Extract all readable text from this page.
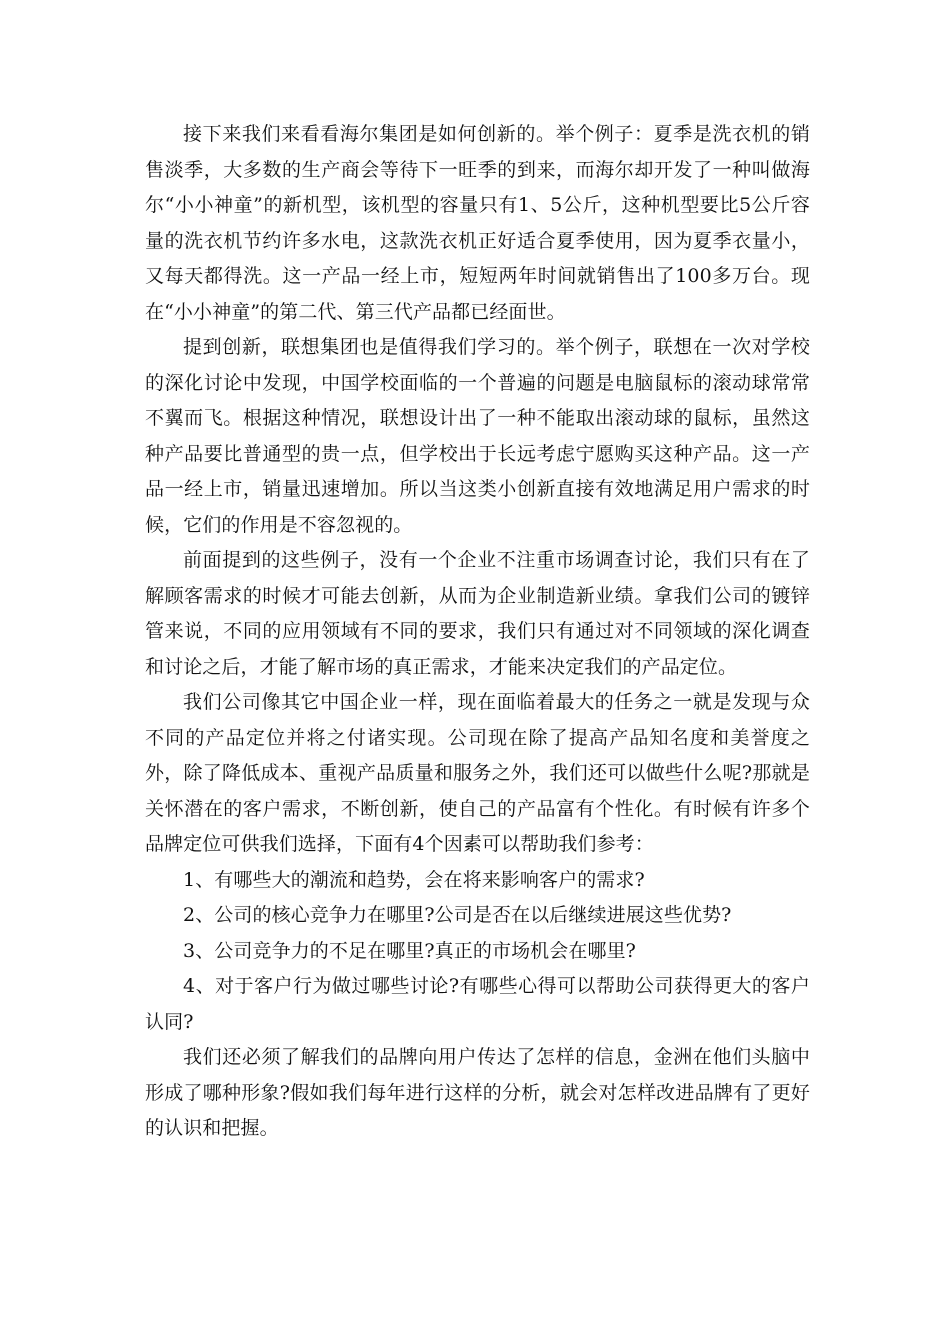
接下来我们来看看海尔集团是如何创新的。举个例子：夏季是洗衣机的销售淡季，大多数的生产商会等待下一旺季的到来，而海尔却开发了一种叫做海尔“小小神童”的新机型，该机型的容量只有1、5公斤，这种机型要比5公斤容量的洗衣机节约许多水电，这款洗衣机正好适合夏季使用，因为夏季衣量小，又每天都得洗。这一产品一经上市，短短两年时间就销售出了100多万台。现在“小小神童”的第二代、第三代产品都已经面世。

提到创新，联想集团也是值得我们学习的。举个例子，联想在一次对学校的深化讨论中发现，中国学校面临的一个普遍的问题是电脑鼠标的滚动球常常不翼而飞。根据这种情况，联想设计出了一种不能取出滚动球的鼠标，虽然这种产品要比普通型的贵一点，但学校出于长远考虑宁愿购买这种产品。这一产品一经上市，销量迅速增加。所以当这类小创新直接有效地满足用户需求的时候，它们的作用是不容忽视的。

前面提到的这些例子，没有一个企业不注重市场调查讨论，我们只有在了解顾客需求的时候才可能去创新，从而为企业制造新业绩。拿我们公司的镀锌管来说，不同的应用领域有不同的要求，我们只有通过对不同领域的深化调查和讨论之后，才能了解市场的真正需求，才能来决定我们的产品定位。

我们公司像其它中国企业一样，现在面临着最大的任务之一就是发现与众不同的产品定位并将之付诸实现。公司现在除了提高产品知名度和美誉度之外，除了降低成本、重视产品质量和服务之外，我们还可以做些什么呢?那就是关怀潜在的客户需求，不断创新，使自己的产品富有个性化。有时候有许多个品牌定位可供我们选择，下面有4个因素可以帮助我们参考：

1、有哪些大的潮流和趋势，会在将来影响客户的需求?

2、公司的核心竞争力在哪里?公司是否在以后继续进展这些优势?

3、公司竞争力的不足在哪里?真正的市场机会在哪里?

4、对于客户行为做过哪些讨论?有哪些心得可以帮助公司获得更大的客户认同?

我们还必须了解我们的品牌向用户传达了怎样的信息，金洲在他们头脑中形成了哪种形象?假如我们每年进行这样的分析，就会对怎样改进品牌有了更好的认识和把握。
